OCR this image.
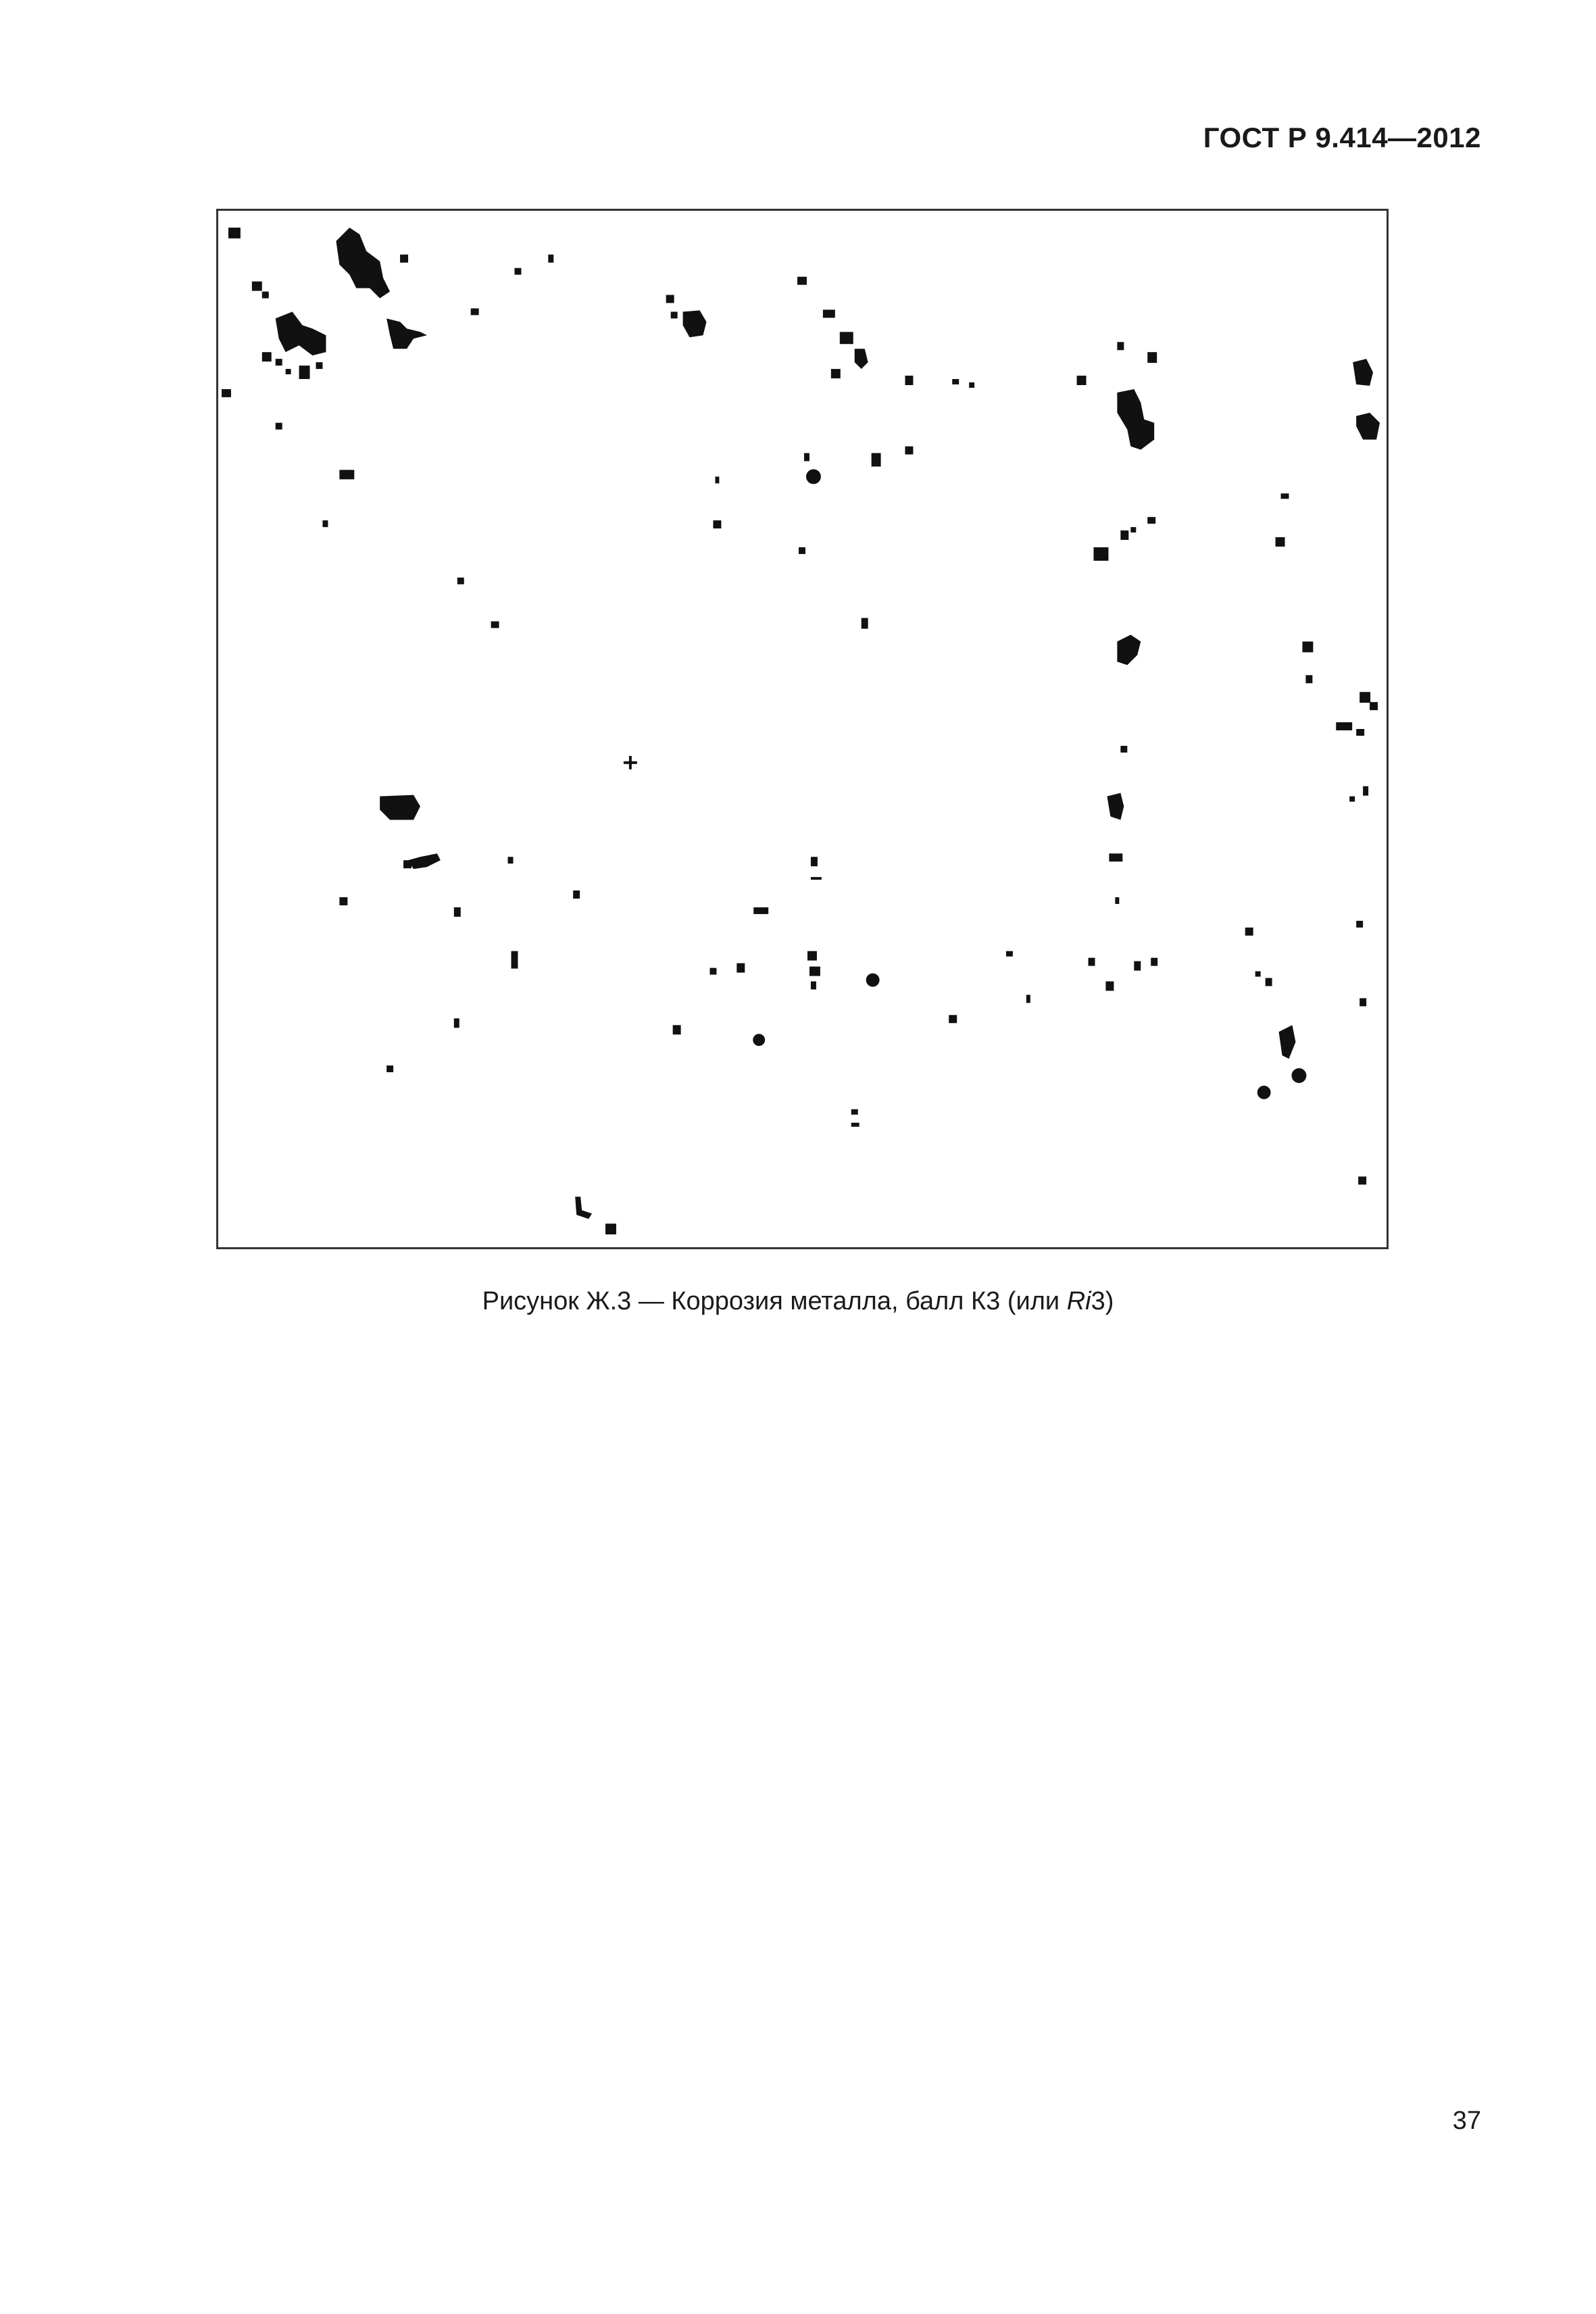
ГОСТ Р 9.414—2012
Рисунок Ж.3 — Коррозия металла, балл К3 (или Ri3)
37
